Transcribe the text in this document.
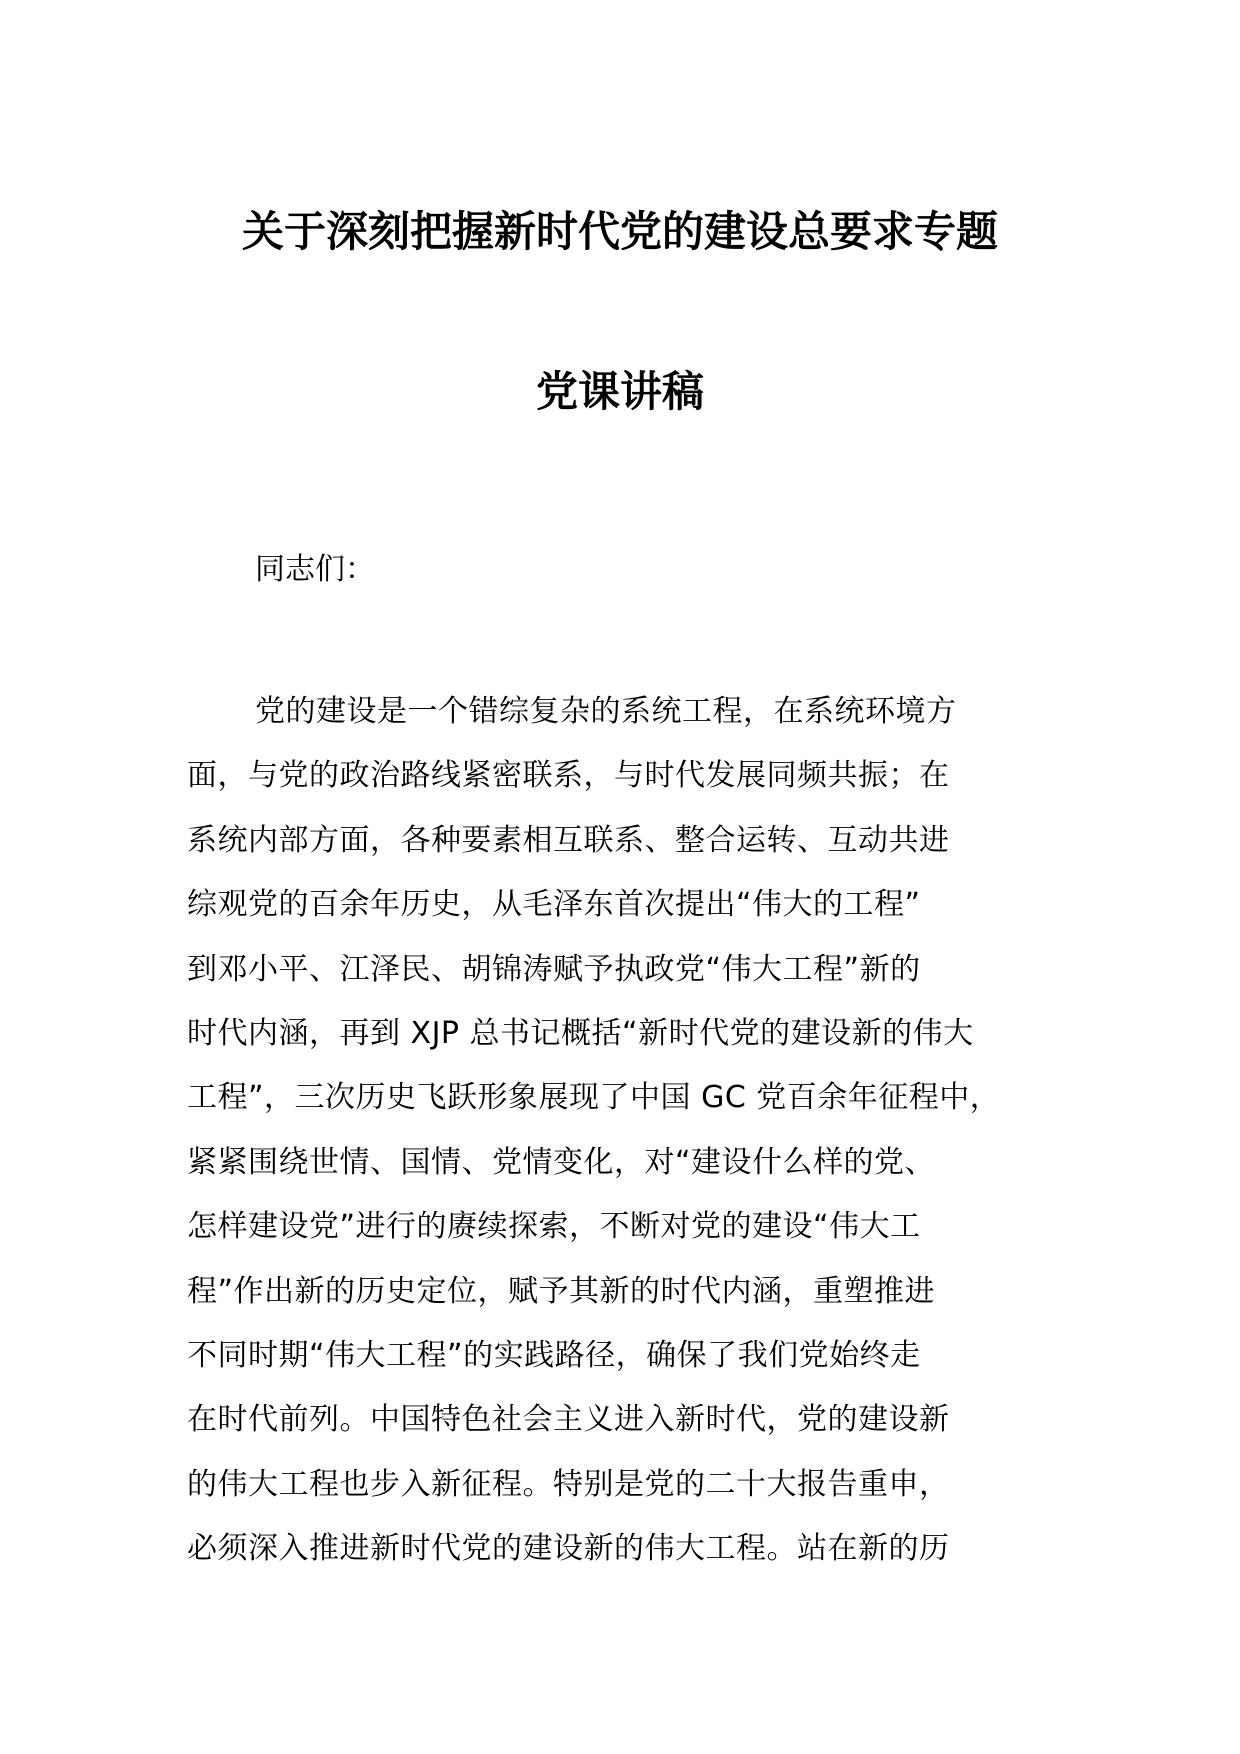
关于深刻把握新时代党的建设总要求专题
党课讲稿
同志们：
党的建设是一个错综复杂的系统工程，在系统环境方
面，与党的政治路线紧密联系，与时代发展同频共振；在
系统内部方面，各种要素相互联系、整合运转、互动共进
综观党的百余年历史，从毛泽东首次提出“伟大的工程”
到邓小平、江泽民、胡锦涛赋予执政党“伟大工程”新的
时代内涵，再到 XJP 总书记概括“新时代党的建设新的伟大
工程”，三次历史飞跃形象展现了中国 GC 党百余年征程中，
紧紧围绕世情、国情、党情变化，对“建设什么样的党、
怎样建设党”进行的赓续探索，不断对党的建设“伟大工
程”作出新的历史定位，赋予其新的时代内涵，重塑推进
不同时期“伟大工程”的实践路径，确保了我们党始终走
在时代前列。中国特色社会主义进入新时代，党的建设新
的伟大工程也步入新征程。特别是党的二十大报告重申，
必须深入推进新时代党的建设新的伟大工程。站在新的历
